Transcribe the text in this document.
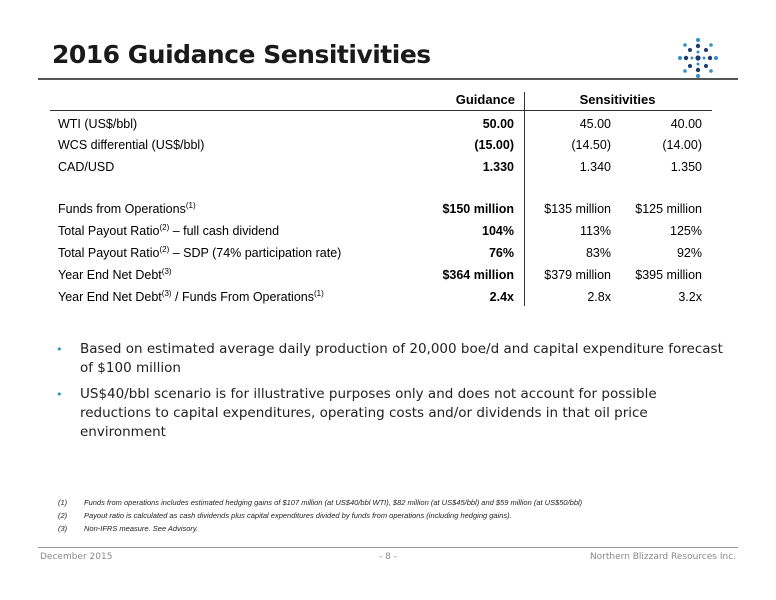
2016 Guidance Sensitivities
Guidance	Sensitivities
WTI (US$/bbl)	50.00	45.00	40.00
WCS differential (US$/bbl)	(15.00)	(14.50)	(14.00)
CAD/USD	1.330	1.340	1.350
Funds from Operations$^{(1)}$	$150 million	$135 million	$125 million
Total Payout Ratio$^{(2)}$ – full cash dividend	104%	113%	125%
Total Payout Ratio$^{(2)}$ – SDP (74% participation rate)	76%	83%	92%
Year End Net Debt$^{(3)}$	$364 million	$379 million	$395 million
Year End Net Debt$^{(3)}$ / Funds From Operations$^{(1)}$	2.4x	2.8x	3.2x
• Based on estimated average daily production of 20,000 boe/d and capital expenditure forecast of $100 million
• US$40/bbl scenario is for illustrative purposes only and does not account for possible reductions to capital expenditures, operating costs and/or dividends in that oil price environment
(1) Funds from operations includes estimated hedging gains of $107 million (at US$40/bbl WTI), $82 million (at US$45/bbl) and $59 million (at US$50/bbl)
(2) Payout ratio is calculated as cash dividends plus capital expenditures divided by funds from operations (including hedging gains).
(3) Non-IFRS measure. See Advisory.
December 2015	- 8 -	Northern Blizzard Resources Inc.
